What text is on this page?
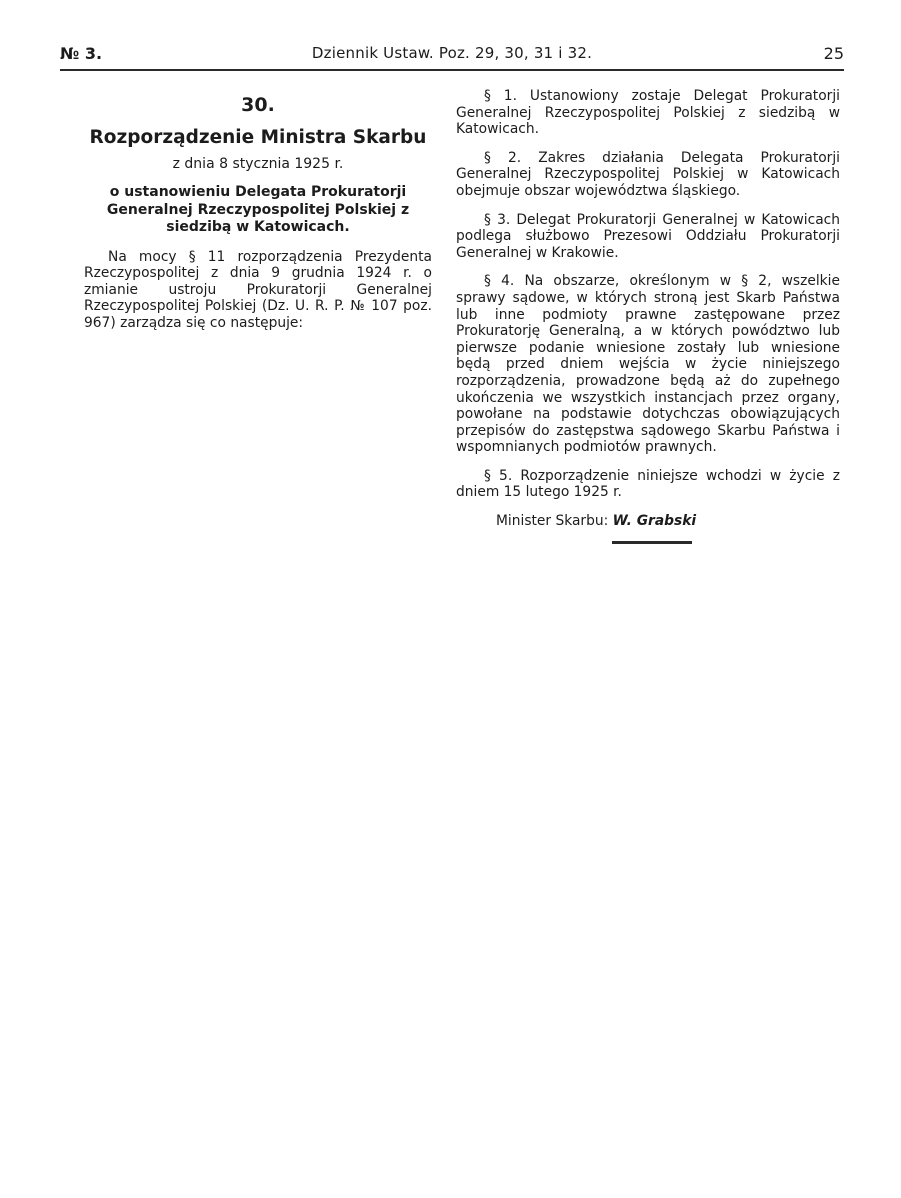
№ 3.	Dziennik Ustaw. Poz. 29, 30, 31 i 32.	25
30.
Rozporządzenie Ministra Skarbu
z dnia 8 stycznia 1925 r.
o ustanowieniu Delegata Prokuratorji Generalnej Rzeczypospolitej Polskiej z siedzibą w Katowicach.
Na mocy § 11 rozporządzenia Prezydenta Rzeczypospolitej z dnia 9 grudnia 1924 r. o zmianie ustroju Prokuratorji Generalnej Rzeczypospolitej Polskiej (Dz. U. R. P. № 107 poz. 967) zarządza się co następuje:
§ 1. Ustanowiony zostaje Delegat Prokuratorji Generalnej Rzeczypospolitej Polskiej z siedzibą w Katowicach.
§ 2. Zakres działania Delegata Prokuratorji Generalnej Rzeczypospolitej Polskiej w Katowicach obejmuje obszar województwa śląskiego.
§ 3. Delegat Prokuratorji Generalnej w Katowicach podlega służbowo Prezesowi Oddziału Prokuratorji Generalnej w Krakowie.
§ 4. Na obszarze, określonym w § 2, wszelkie sprawy sądowe, w których stroną jest Skarb Państwa lub inne podmioty prawne zastępowane przez Prokuratorję Generalną, a w których powództwo lub pierwsze podanie wniesione zostały lub wniesione będą przed dniem wejścia w życie niniejszego rozporządzenia, prowadzone będą aż do zupełnego ukończenia we wszystkich instancjach przez organy, powołane na podstawie dotychczas obowiązujących przepisów do zastępstwa sądowego Skarbu Państwa i wspomnianych podmiotów prawnych.
§ 5. Rozporządzenie niniejsze wchodzi w życie z dniem 15 lutego 1925 r.
Minister Skarbu: W. Grabski
